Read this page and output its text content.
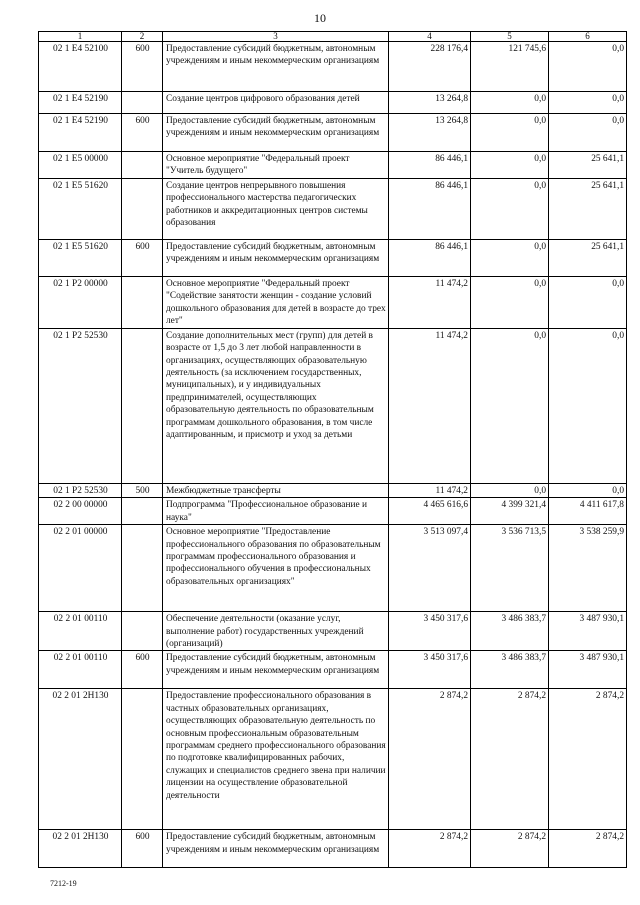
10
1	2	3	4	5	6
02 1 E4 52100	600	Предоставление субсидий бюджетным, автономным учреждениям и иным некоммерческим организациям	228 176,4	121 745,6	0,0
02 1 E4 52190		Создание центров цифрового образования детей	13 264,8	0,0	0,0
02 1 E4 52190	600	Предоставление субсидий бюджетным, автономным учреждениям и иным некоммерческим организациям	13 264,8	0,0	0,0
02 1 E5 00000		Основное мероприятие "Федеральный проект "Учитель будущего"	86 446,1	0,0	25 641,1
02 1 E5 51620		Создание центров непрерывного повышения профессионального мастерства педагогических работников и аккредитационных центров системы образования	86 446,1	0,0	25 641,1
02 1 E5 51620	600	Предоставление субсидий бюджетным, автономным учреждениям и иным некоммерческим организациям	86 446,1	0,0	25 641,1
02 1 P2 00000		Основное мероприятие "Федеральный проект "Содействие занятости женщин - создание условий дошкольного образования для детей в возрасте до трех лет"	11 474,2	0,0	0,0
02 1 P2 52530		Создание дополнительных мест (групп) для детей в возрасте от 1,5 до 3 лет любой направленности в организациях, осуществляющих образовательную деятельность (за исключением государственных, муниципальных), и у индивидуальных предпринимателей, осуществляющих образовательную деятельность по образовательным программам дошкольного образования, в том числе адаптированным, и присмотр и уход за детьми	11 474,2	0,0	0,0
02 1 P2 52530	500	Межбюджетные трансферты	11 474,2	0,0	0,0
02 2 00 00000		Подпрограмма "Профессиональное образование и наука"	4 465 616,6	4 399 321,4	4 411 617,8
02 2 01 00000		Основное мероприятие "Предоставление профессионального образования по образовательным программам профессионального образования и профессионального обучения в профессиональных образовательных организациях"	3 513 097,4	3 536 713,5	3 538 259,9
02 2 01 00110		Обеспечение деятельности (оказание услуг, выполнение работ) государственных учреждений (организаций)	3 450 317,6	3 486 383,7	3 487 930,1
02 2 01 00110	600	Предоставление субсидий бюджетным, автономным учреждениям и иным некоммерческим организациям	3 450 317,6	3 486 383,7	3 487 930,1
02 2 01 2H130		Предоставление профессионального образования в частных образовательных организациях, осуществляющих образовательную деятельность по основным профессиональным образовательным программам среднего профессионального образования по подготовке квалифицированных рабочих, служащих и специалистов среднего звена при наличии лицензии на осуществление образовательной деятельности	2 874,2	2 874,2	2 874,2
02 2 01 2H130	600	Предоставление субсидий бюджетным, автономным учреждениям и иным некоммерческим организациям	2 874,2	2 874,2	2 874,2
7212-19
